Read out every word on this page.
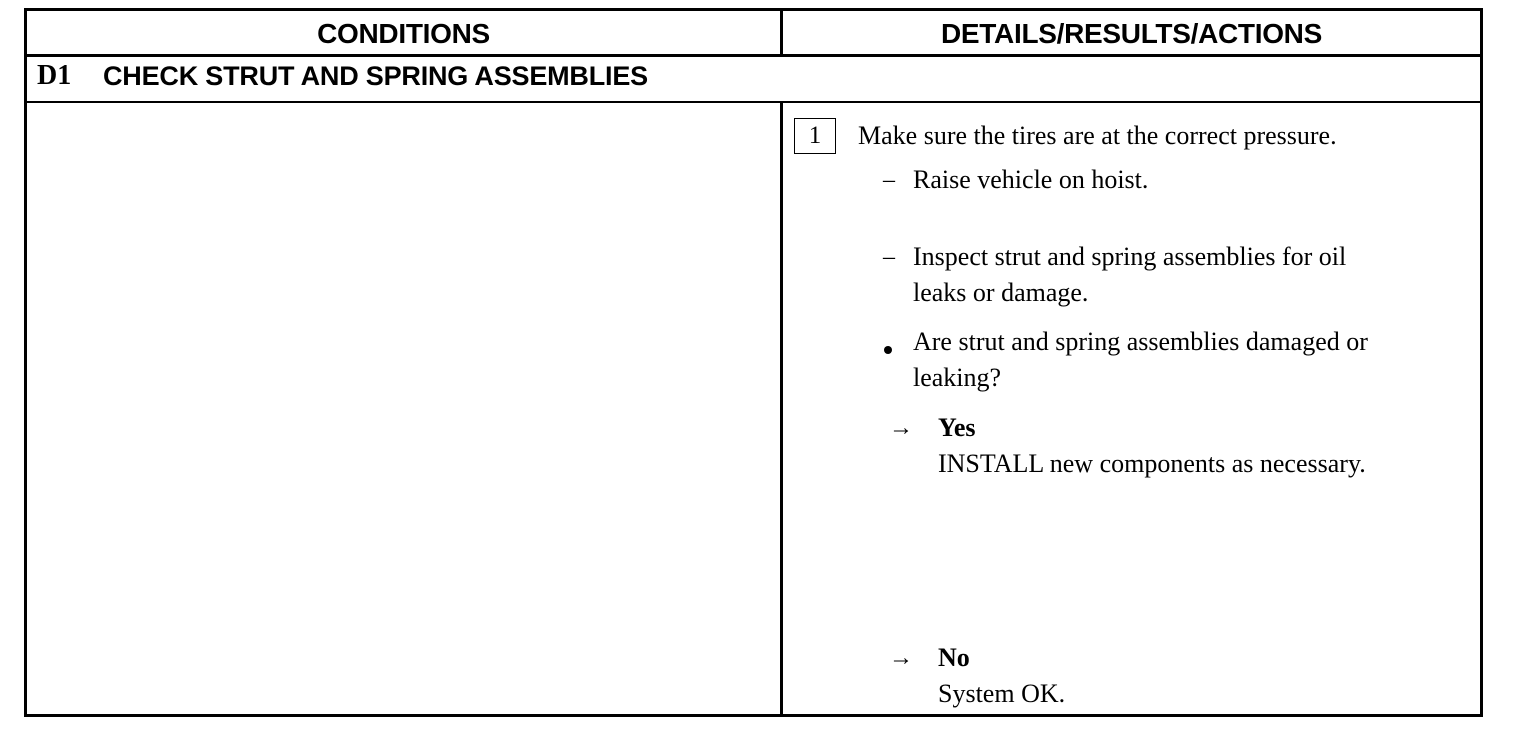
CONDITIONS	DETAILS/RESULTS/ACTIONS
D1 CHECK STRUT AND SPRING ASSEMBLIES
1	Make sure the tires are at the correct pressure.
– Raise vehicle on hoist.
– Inspect strut and spring assemblies for oil
leaks or damage.
Are strut and spring assemblies damaged or
leaking?
→ Yes
INSTALL new components as necessary.
→ No
System OK.
